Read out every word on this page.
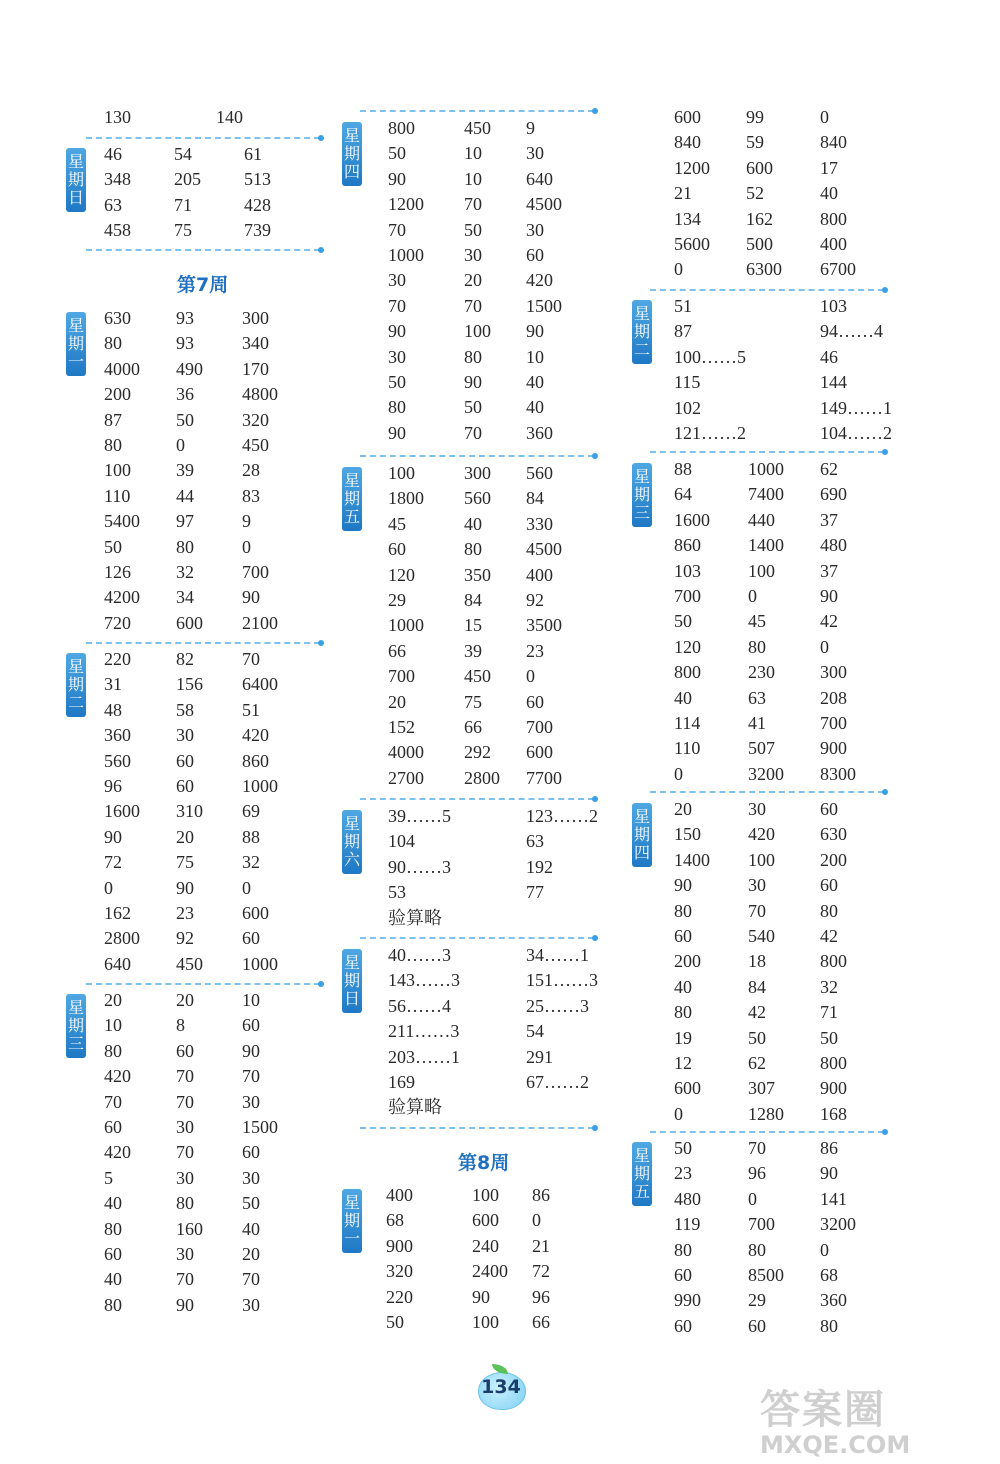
130	140
星
期
日
46	54	61
348 205 513
63	71	428
458 75	739
第7周
星
期
一
630	93	300
80	93	340
4000 490 170
200	36	4800
87	50	320
80	0	450
100	39	28
110	44	83
5400 97	9
50	80	0
126	32	700
4200 34	90
720	600 2100
星
期
二
220	82	70
31	156 6400
48	58	51
360	30	420
560	60	860
96	60	1000
1600 310 69
90	20	88
72	75	32
0	90	0
162	23	600
2800 92	60
640	450 1000
星
期
三
20	20	10
10	8	60
80	60	90
420	70	70
70	70	30
60	30	1500
420	70	60
5	30	30
40	80	50
80	160 40
60	30	20
40	70	70
80	90	30
星
期
四
800	450 9
50	10 30
90	10 640
1200 70 4500
70	50 30
1000 30 60
30	20 420
70	70 1500
90	100 90
30	80 10
50	90 40
80	50 40
90	70 360
星
期
五
100	300 560
1800 560 84
45	40 330
60	80 4500
120	350 400
29	84 92
1000 15 3500
66	39 23
700	450 0
20	75 60
152	66 700
4000 292 600
2700 2800 7700
星
期
六
39……5	123……2
104	63
90……3	192
53	77
验算略
星
期
日
40……3	34……1
143……3	151……3
56……4	25……3
211……3	54
203……1	291
169	67……2
验算略
第8周
星
期
一
400	100 86
68	600 0
900	240 21
320	2400 72
220	90 96
50	100 66
600	99	0
840	59	840
1200 600	17
21	52	40
134	162	800
5600 500	400
0	6300 6700
星
期
二
51	103
87	94……4
100……5	46
115	144
102	149……1
121……2	104……2
星
期
三
88	1000 62
64	7400 690
1600 440	37
860	1400 480
103	100	37
700	0	90
50	45	42
120	80	0
800	230	300
40	63	208
114	41	700
110	507	900
0	3200 8300
星
期
四
20	30	60
150	420	630
1400 100	200
90	30	60
80	70	80
60	540	42
200	18	800
40	84	32
80	42	71
19	50	50
12	62	800
600	307	900
0	1280 168
星
期
五
50	70	86
23	96	90
480	0	141
119	700	3200
80	80	0
60	8500 68
990	29	360
60	60	80
134	答案圈
MXQE.COM
